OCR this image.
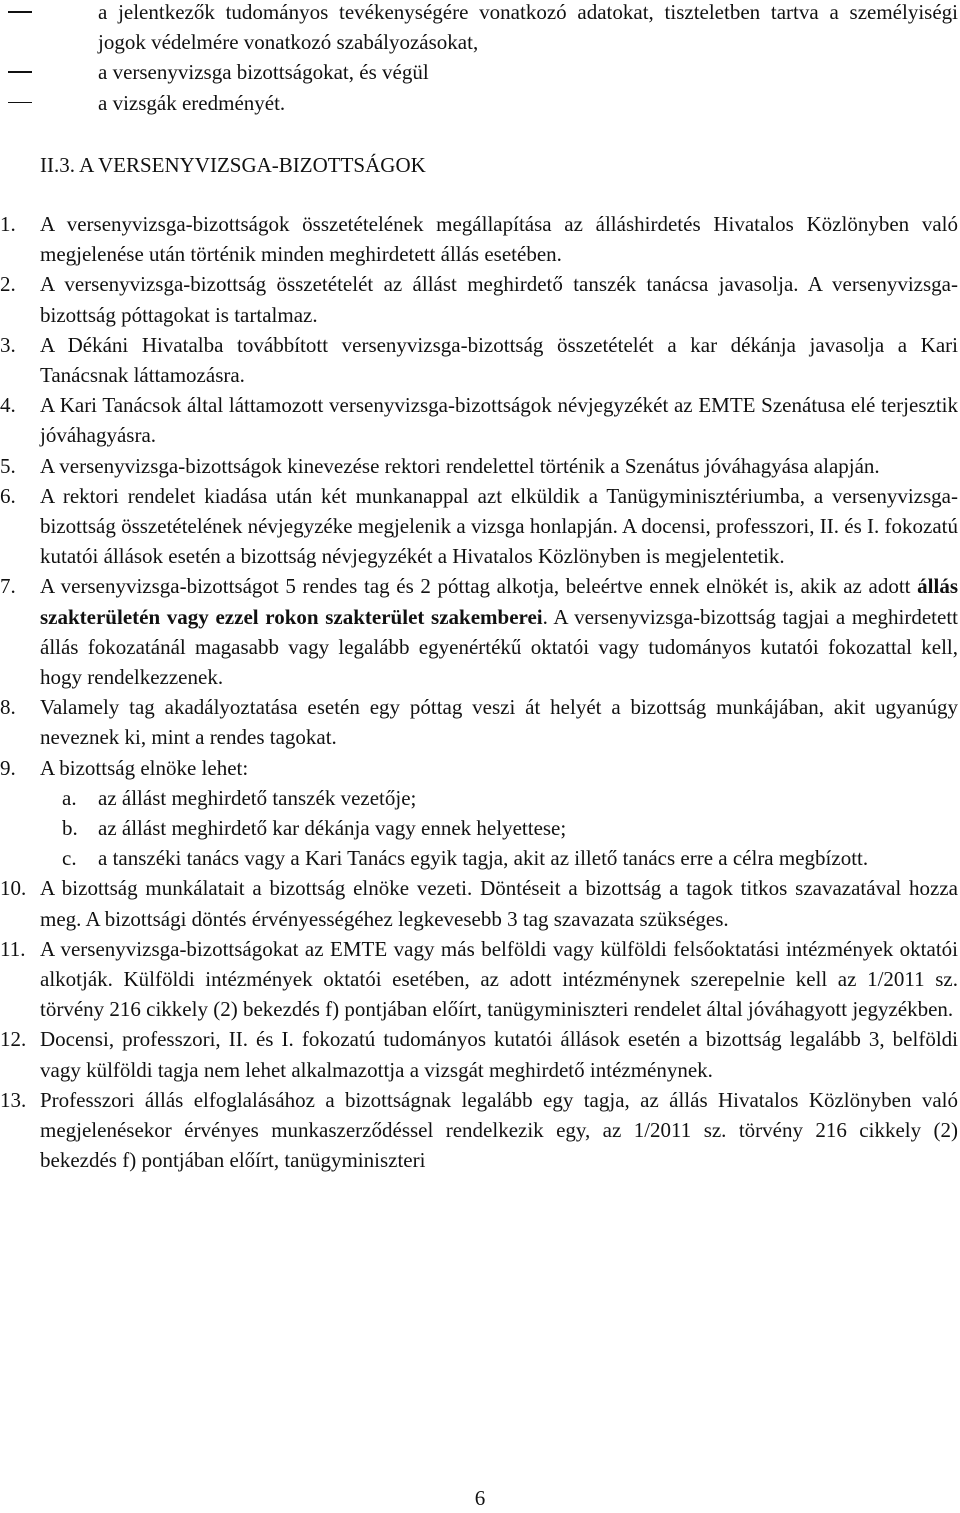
a jelentkezők tudományos tevékenységére vonatkozó adatokat, tiszteletben tartva a személyiségi jogok védelmére vonatkozó szabályozásokat,
a versenyvizsga bizottságokat, és végül
a vizsgák eredményét.
II.3. A VERSENYVIZSGA-BIZOTTSÁGOK
1. A versenyvizsga-bizottságok összetételének megállapítása az álláshirdetés Hivatalos Közlönyben való megjelenése után történik minden meghirdetett állás esetében.
2. A versenyvizsga-bizottság összetételét az állást meghirdető tanszék tanácsa javasolja. A versenyvizsga-bizottság póttagokat is tartalmaz.
3. A Dékáni Hivatalba továbbított versenyvizsga-bizottság összetételét a kar dékánja javasolja a Kari Tanácsnak láttamozásra.
4. A Kari Tanácsok által láttamozott versenyvizsga-bizottságok névjegyzékét az EMTE Szenátusa elé terjesztik jóváhagyásra.
5. A versenyvizsga-bizottságok kinevezése rektori rendelettel történik a Szenátus jóváhagyása alapján.
6. A rektori rendelet kiadása után két munkanappal azt elküldik a Tanügyminisztériumba, a versenyvizsga-bizottság összetételének névjegyzéke megjelenik a vizsga honlapján. A docensi, professzori, II. és I. fokozatú kutatói állások esetén a bizottság névjegyzékét a Hivatalos Közlönyben is megjelentetik.
7. A versenyvizsga-bizottságot 5 rendes tag és 2 póttag alkotja, beleértve ennek elnökét is, akik az adott állás szakterületén vagy ezzel rokon szakterület szakemberei. A versenyvizsga-bizottság tagjai a meghirdetett állás fokozatánál magasabb vagy legalább egyenértékű oktatói vagy tudományos kutatói fokozattal kell, hogy rendelkezzenek.
8. Valamely tag akadályoztatása esetén egy póttag veszi át helyét a bizottság munkájában, akit ugyanúgy neveznek ki, mint a rendes tagokat.
9. A bizottság elnöke lehet:
a. az állást meghirdető tanszék vezetője;
b. az állást meghirdető kar dékánja vagy ennek helyettese;
c. a tanszéki tanács vagy a Kari Tanács egyik tagja, akit az illető tanács erre a célra megbízott.
10. A bizottság munkálatait a bizottság elnöke vezeti. Döntéseit a bizottság a tagok titkos szavazatával hozza meg. A bizottsági döntés érvényességéhez legkevesebb 3 tag szavazata szükséges.
11. A versenyvizsga-bizottságokat az EMTE vagy más belföldi vagy külföldi felsőoktatási intézmények oktatói alkotják. Külföldi intézmények oktatói esetében, az adott intézménynek szerepelnie kell az 1/2011 sz. törvény 216 cikkely (2) bekezdés f) pontjában előírt, tanügyminiszteri rendelet által jóváhagyott jegyzékben.
12. Docensi, professzori, II. és I. fokozatú tudományos kutatói állások esetén a bizottság legalább 3, belföldi vagy külföldi tagja nem lehet alkalmazottja a vizsgát meghirdető intézménynek.
13. Professzori állás elfoglalásához a bizottságnak legalább egy tagja, az állás Hivatalos Közlönyben való megjelenésekor érvényes munkaszerződéssel rendelkezik egy, az 1/2011 sz. törvény 216 cikkely (2) bekezdés f) pontjában előírt, tanügyminiszteri
6
